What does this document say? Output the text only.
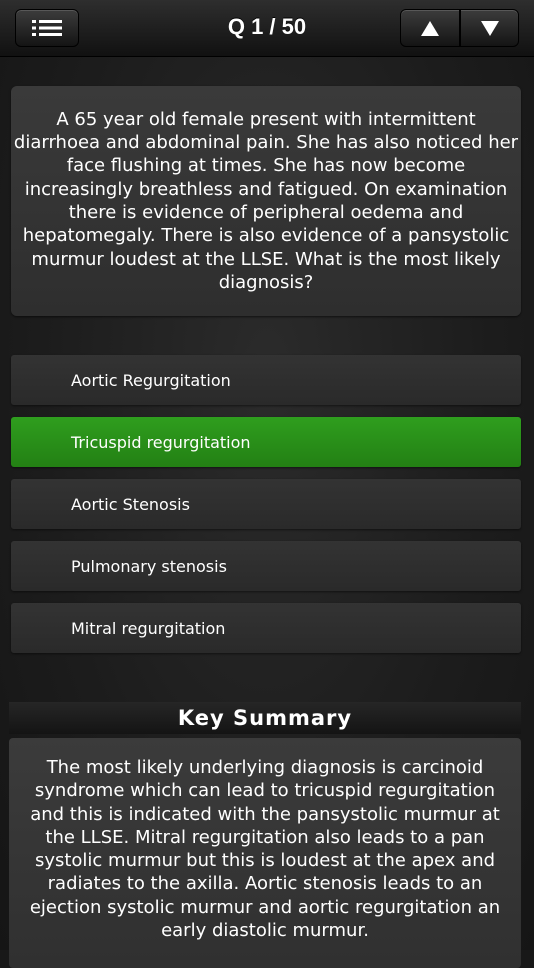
Q 1 / 50

A 65 year old female present with intermittent diarrhoea and abdominal pain. She has also noticed her face flushing at times. She has now become increasingly breathless and fatigued. On examination there is evidence of peripheral oedema and hepatomegaly. There is also evidence of a pansystolic murmur loudest at the LLSE. What is the most likely diagnosis?

Aortic Regurgitation
Tricuspid regurgitation
Aortic Stenosis
Pulmonary stenosis
Mitral regurgitation
Key Summary

The most likely underlying diagnosis is carcinoid syndrome which can lead to tricuspid regurgitation and this is indicated with the pansystolic murmur at the LLSE. Mitral regurgitation also leads to a pan systolic murmur but this is loudest at the apex and radiates to the axilla. Aortic stenosis leads to an ejection systolic murmur and aortic regurgitation an early diastolic murmur.
